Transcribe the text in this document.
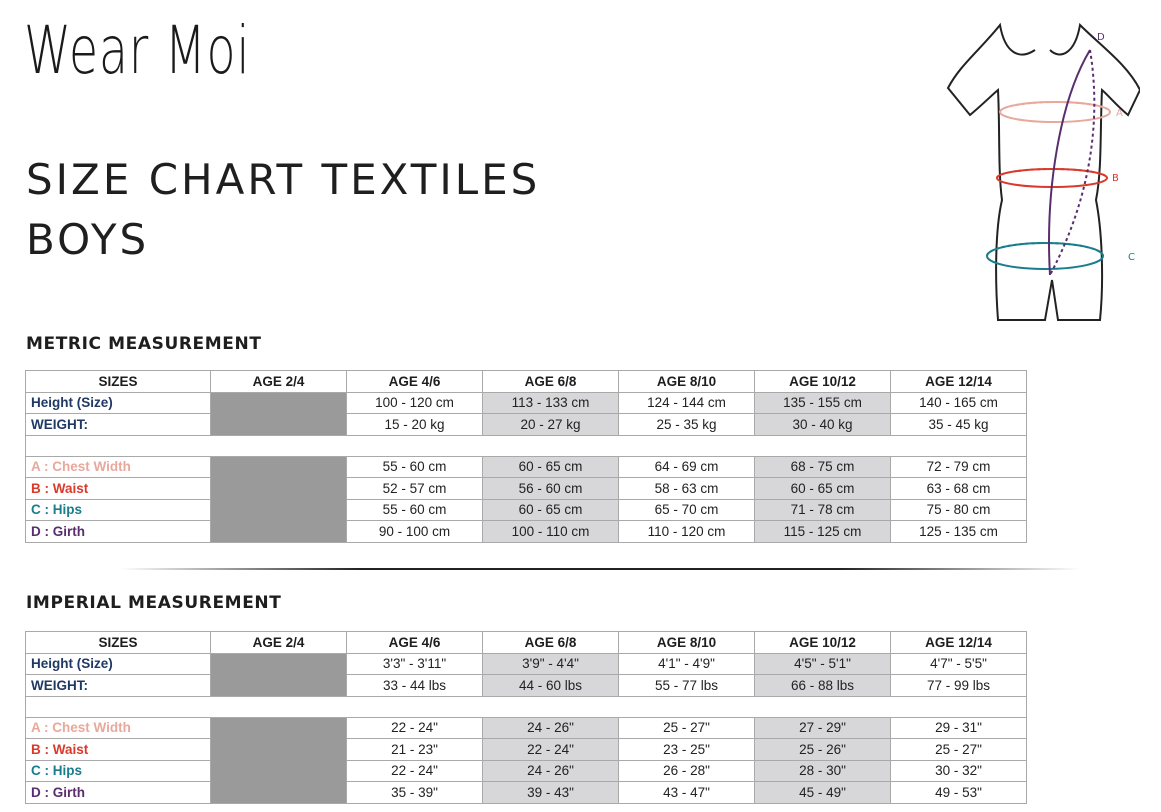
Wear Moi
SIZE CHART TEXTILES
BOYS
A
B
C
D
METRIC MEASUREMENT
SIZES	AGE 2/4	AGE 4/6	AGE 6/8	AGE 8/10	AGE 10/12	AGE 12/14
Height (Size)		100 - 120 cm	113 - 133 cm	124 - 144 cm	135 - 155 cm	140 - 165 cm
WEIGHT:		15 - 20 kg	20 - 27 kg	25 - 35 kg	30 - 40 kg	35 - 45 kg

A : Chest Width		55 - 60 cm	60 - 65 cm	64 - 69 cm	68 - 75 cm	72 - 79 cm
B : Waist		52 - 57 cm	56 - 60 cm	58 - 63 cm	60 - 65 cm	63 - 68 cm
C : Hips		55 - 60 cm	60 - 65 cm	65 - 70 cm	71 - 78 cm	75 - 80 cm
D : Girth		90 - 100 cm	100 - 110 cm	110 - 120 cm	115 - 125 cm	125 - 135 cm
IMPERIAL MEASUREMENT
SIZES	AGE 2/4	AGE 4/6	AGE 6/8	AGE 8/10	AGE 10/12	AGE 12/14
Height (Size)		3'3" - 3'11"	3'9" - 4'4"	4'1" - 4'9"	4'5" - 5'1"	4'7" - 5'5"
WEIGHT:		33 - 44 lbs	44 - 60 lbs	55 - 77 lbs	66 - 88 lbs	77 - 99 lbs

A : Chest Width		22 - 24"	24 - 26"	25 - 27"	27 - 29"	29 - 31"
B : Waist		21 - 23"	22 - 24"	23 - 25"	25 - 26"	25 - 27"
C : Hips		22 - 24"	24 - 26"	26 - 28"	28 - 30"	30 - 32"
D : Girth		35 - 39"	39 - 43"	43 - 47"	45 - 49"	49 - 53"
